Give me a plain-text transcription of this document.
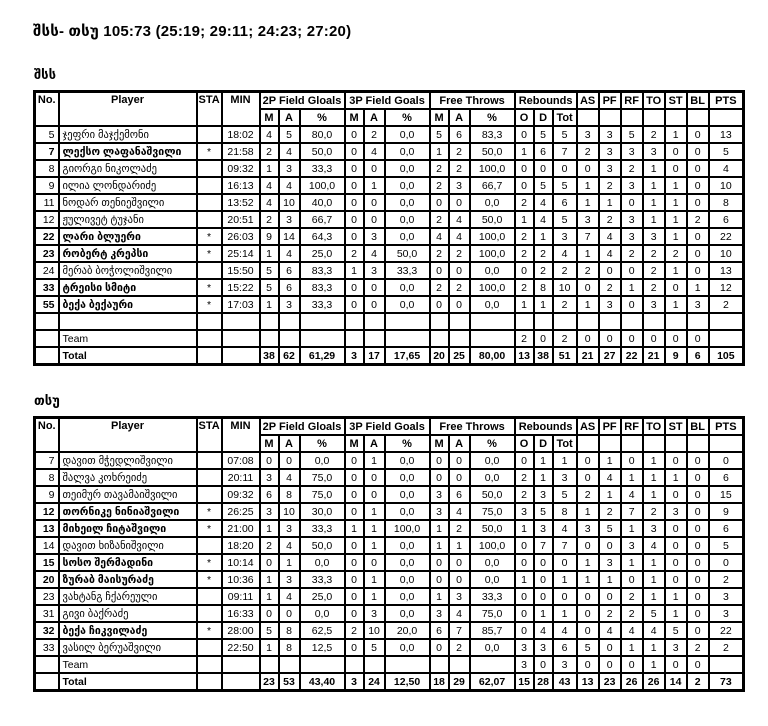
შსს- თსუ 105:73 (25:19; 29:11; 24:23; 27:20)

შსს

No.	Player	STA	MIN	2P Field Gloals			3P Field Goals			Free Throws			Rebounds			AS	PF	RF	TO	ST	BL	PTS
				M	A	%	M	A	%	M	A	%	O	D	Tot							
5	ჯეფრი მაჯქემონი		18:02	4	5	80,0	0	2	0,0	5	6	83,3	0	5	5	3	3	5	2	1	0	13
7	ლექსო ლაფანაშვილი	*	21:58	2	4	50,0	0	4	0,0	1	2	50,0	1	6	7	2	3	3	3	0	0	5
8	გიორგი ნიკოლაძე		09:32	1	3	33,3	0	0	0,0	2	2	100,0	0	0	0	0	3	2	1	0	0	4
9	ილია ლონდარიძე		16:13	4	4	100,0	0	1	0,0	2	3	66,7	0	5	5	1	2	3	1	1	0	10
11	ნოდარ თენიეშვილი		13:52	4	10	40,0	0	0	0,0	0	0	0,0	2	4	6	1	1	0	1	1	0	8
12	ჟულივეტ ტუჯანი		20:51	2	3	66,7	0	0	0,0	2	4	50,0	1	4	5	3	2	3	1	1	2	6
22	ლარი ბლუერი	*	26:03	9	14	64,3	0	3	0,0	4	4	100,0	2	1	3	7	4	3	3	1	0	22
23	რობერტ კრეპსი	*	25:14	1	4	25,0	2	4	50,0	2	2	100,0	2	2	4	1	4	2	2	2	0	10
24	მერაბ ბოჭოლიშვილი		15:50	5	6	83,3	1	3	33,3	0	0	0,0	0	2	2	2	0	0	2	1	0	13
33	ტრეისი სმიტი	*	15:22	5	6	83,3	0	0	0,0	2	2	100,0	2	8	10	0	2	1	2	0	1	12
55	ბექა ბექაური	*	17:03	1	3	33,3	0	0	0,0	0	0	0,0	1	1	2	1	3	0	3	1	3	2

	Team												2	0	2	0	0	0	0	0	0	
	Total			38	62	61,29	3	17	17,65	20	25	80,00	13	38	51	21	27	22	21	9	6	105

თსუ

No.	Player	STA	MIN	2P Field Gloals			3P Field Goals			Free Throws			Rebounds			AS	PF	RF	TO	ST	BL	PTS
				M	A	%	M	A	%	M	A	%	O	D	Tot							
7	დავით მჭედლიშვილი		07:08	0	0	0,0	0	1	0,0	0	0	0,0	0	1	1	0	1	0	1	0	0	0
8	შალვა კოხრეიძე		20:11	3	4	75,0	0	0	0,0	0	0	0,0	2	1	3	0	4	1	1	1	0	6
9	თეიმურ თავამაიშვილი		09:32	6	8	75,0	0	0	0,0	3	6	50,0	2	3	5	2	1	4	1	0	0	15
12	თორნიკე ნინიაშვილი	*	26:25	3	10	30,0	0	1	0,0	3	4	75,0	3	5	8	1	2	7	2	3	0	9
13	მიხეილ ჩიტაშვილი	*	21:00	1	3	33,3	1	1	100,0	1	2	50,0	1	3	4	3	5	1	3	0	0	6
14	დავით ხიზანიშვილი		18:20	2	4	50,0	0	1	0,0	1	1	100,0	0	7	7	0	0	3	4	0	0	5
15	სოსო შერმადინი	*	10:14	0	1	0,0	0	0	0,0	0	0	0,0	0	0	0	1	3	1	1	0	0	0
20	ზურაბ მაისურაძე	*	10:36	1	3	33,3	0	1	0,0	0	0	0,0	1	0	1	1	1	0	1	0	0	2
23	ვახტანგ ჩქარეული		09:11	1	4	25,0	0	1	0,0	1	3	33,3	0	0	0	0	0	2	1	1	0	3
31	გივი ბაქრაძე		16:33	0	0	0,0	0	3	0,0	3	4	75,0	0	1	1	0	2	2	5	1	0	3
32	ბექა ჩიკვილაძე	*	28:00	5	8	62,5	2	10	20,0	6	7	85,7	0	4	4	0	4	4	4	5	0	22
33	ვასილ ბერუაშვილი		22:50	1	8	12,5	0	5	0,0	0	2	0,0	3	3	6	5	0	1	1	3	2	2
	Team												3	0	3	0	0	0	1	0	0	
	Total			23	53	43,40	3	24	12,50	18	29	62,07	15	28	43	13	23	26	26	14	2	73
